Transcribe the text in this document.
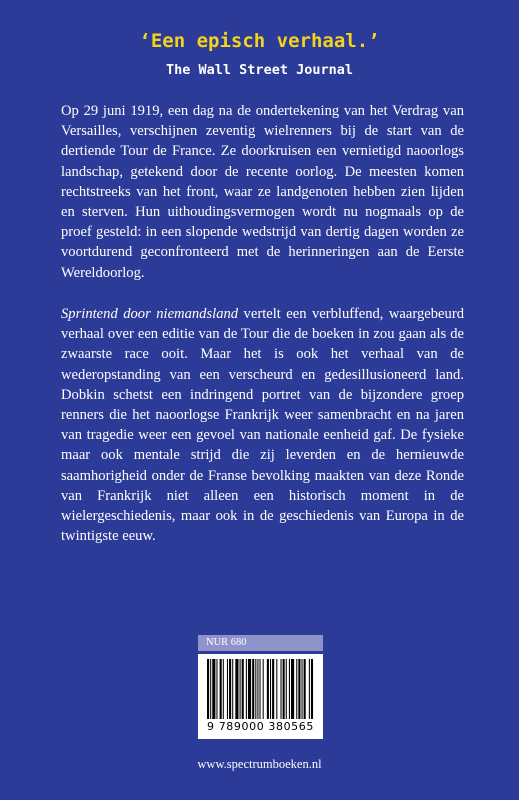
‘Een episch verhaal.’
The Wall Street Journal

Op 29 juni 1919, een dag na de ondertekening van het Verdrag van Versailles, verschijnen zeventig wielrenners bij de start van de dertiende Tour de France. Ze doorkruisen een vernietigd naoorlogs landschap, getekend door de recente oorlog. De meesten komen rechtstreeks van het front, waar ze landgenoten hebben zien lijden en sterven. Hun uithoudingsvermogen wordt nu nogmaals op de proef gesteld: in een slopende wedstrijd van dertig dagen worden ze voortdurend geconfronteerd met de herinneringen aan de Eerste Wereldoorlog.

Sprintend door niemandsland vertelt een verbluffend, waargebeurd verhaal over een editie van de Tour die de boeken in zou gaan als de zwaarste race ooit. Maar het is ook het verhaal van de wederopstanding van een verscheurd en gedesillusioneerd land. Dobkin schetst een indringend portret van de bijzondere groep renners die het naoorlogse Frankrijk weer samenbracht en na jaren van tragedie weer een gevoel van nationale eenheid gaf. De fysieke maar ook mentale strijd die zij leverden en de hernieuwde saamhorigheid onder de Franse bevolking maakten van deze Ronde van Frankrijk niet alleen een historisch moment in de wielergeschiedenis, maar ook in de geschiedenis van Europa in de twintigste eeuw.

NUR 680
9 789000 380565
www.spectrumboeken.nl
